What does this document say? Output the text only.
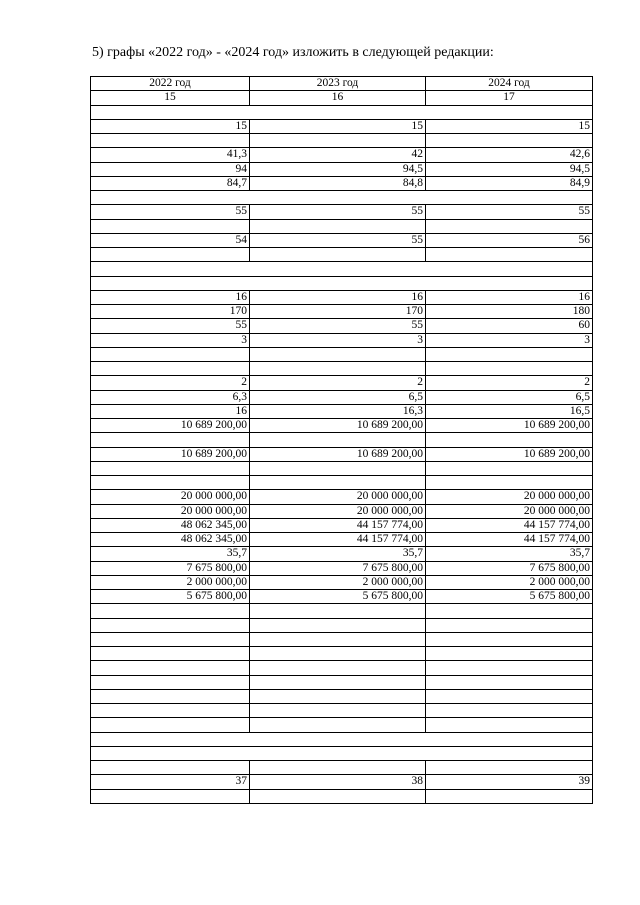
5) графы «2022 год» - «2024 год» изложить в следующей редакции:
2022 год	2023 год	2024 год
15	16	17

15	15	15

41,3	42	42,6
94	94,5	94,5
84,7	84,8	84,9

55	55	55

54	55	56

16	16	16
170	170	180
55	55	60
3	3	3

2	2	2
6,3	6,5	6,5
16	16,3	16,5
10 689 200,00	10 689 200,00	10 689 200,00

10 689 200,00	10 689 200,00	10 689 200,00

20 000 000,00	20 000 000,00	20 000 000,00
20 000 000,00	20 000 000,00	20 000 000,00
48 062 345,00	44 157 774,00	44 157 774,00
48 062 345,00	44 157 774,00	44 157 774,00
35,7	35,7	35,7
7 675 800,00	7 675 800,00	7 675 800,00
2 000 000,00	2 000 000,00	2 000 000,00
5 675 800,00	5 675 800,00	5 675 800,00

37	38	39
